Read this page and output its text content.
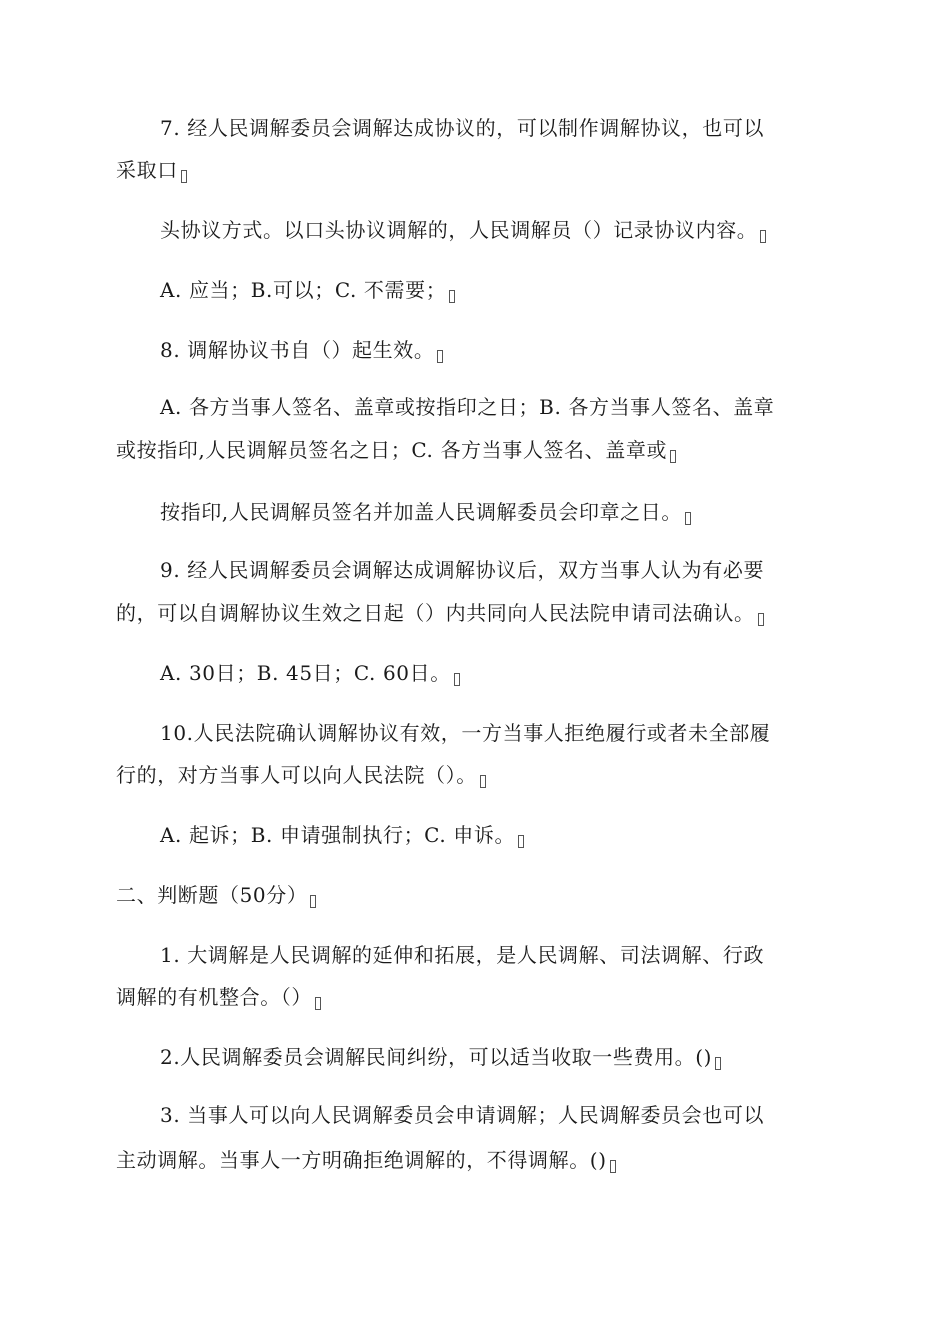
7. 经人民调解委员会调解达成协议的，可以制作调解协议，也可以
采取口
头协议方式。以口头协议调解的，人民调解员（）记录协议内容。
A. 应当；B.可以；C. 不需要；
8. 调解协议书自（）起生效。
A. 各方当事人签名、盖章或按指印之日；B. 各方当事人签名、盖章
或按指印,人民调解员签名之日；C. 各方当事人签名、盖章或
按指印,人民调解员签名并加盖人民调解委员会印章之日。
9. 经人民调解委员会调解达成调解协议后，双方当事人认为有必要
的，可以自调解协议生效之日起（）内共同向人民法院申请司法确认。
A. 30日；B. 45日；C. 60日。
10.人民法院确认调解协议有效，一方当事人拒绝履行或者未全部履
行的，对方当事人可以向人民法院（）。
A. 起诉；B. 申请强制执行；C. 申诉。
二、判断题（50分）
1. 大调解是人民调解的延伸和拓展，是人民调解、司法调解、行政
调解的有机整合。（）
2.人民调解委员会调解民间纠纷，可以适当收取一些费用。()
3. 当事人可以向人民调解委员会申请调解；人民调解委员会也可以
主动调解。当事人一方明确拒绝调解的，不得调解。()
